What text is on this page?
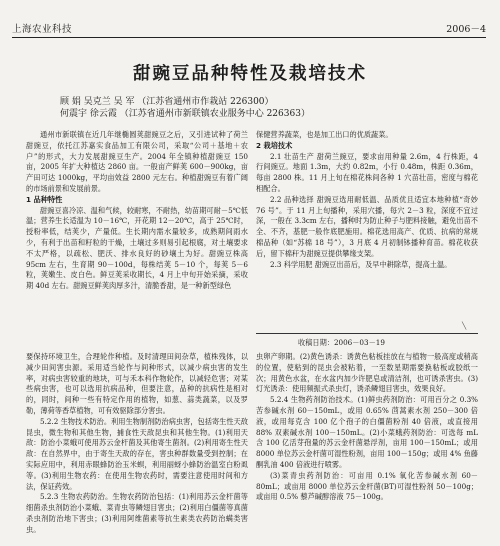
上海农业科技	2006－4
甜豌豆品种特性及栽培技术
顾 娟 吴克兰 吴 军 （江苏省通州市作栽站 226300）
何震宇 徐云霞 （江苏省通州市新联镇农业服务中心 226363）

通州市新联镇在近几年继椭圆荚甜豌豆之后，又引进试种了荷兰甜豌豆，依托江苏嘉实食品加工有限公司，采取“公司＋基地＋农户”的形式，大力发展甜豌豆生产。2004 年全镇种植甜豌豆 150 亩，2005 年扩大种植达 2860 亩。一般亩产鲜荚 600－900kg，亩产田可达 1000kg，平均亩效益 2800 元左右。种植甜豌豆有着广阔的市场前景和发展前景。

1 品种特性

甜豌豆喜冷凉、温和气候，较耐寒，不耐热，幼苗期可耐－5℃低温；营养生长适温为 10－16℃，开花期 12－20℃，高于 25℃时，授粉率低，结荚少，产量低。生长期内需水量较多，成熟期间雨水少，有利于出苗和籽粒的干燥，土壤过多则易引起根腐，对土壤要求不太严格，以疏松、肥沃、排水良好的砂壤土为好。甜豌豆株高 95cm 左右，生育期 90－100d，每株结荚 5－10 个，每荚 5－6 粒，荚嫩生、皮白色。鲜豆荚采收期长，4 月上中旬开始采摘，采收期 40d 左右。甜豌豆鲜荚肉厚多汁，清脆香甜，是一种新型绿色

保健营养蔬菜，也是加工出口的优质蔬菜。

2 栽培技术

2.1 壮苗生产 甜荷兰豌豆，要求亩用种量 2.6m，4 行株距，4 行间豌豆。地面 1.3m，大约 0.82m，小行 0.48m，株距 0.36m，每亩 2800 株。11 月上旬在棉花株间各种 1 穴苗壮苗，密度与棉花相配合。

2.2 品种选择 甜豌豆选用耐低温、品质优且适宜本地种植“奇妙 76 号”。于 11 月上旬播种，采用穴播，每穴 2－3 粒，深度不宜过深，一般在 3.3cm 左右，播种时为防止种子与肥料接触，避免出苗不全、不齐，基肥一般作底肥施用。棉花选用高产、优质、抗病的常规棉品种（如“苏棉 18 号”），3 月底 4 月初制钵播种育苗。棉花收获后，留下棉秆为甜豌豆提供攀缘支架。

2.3 科学用肥 甜豌豆出苗后，及早中耕除草，提高土温。

╲
收稿日期：2006－03－19

要保持环境卫生，合理轮作种植。及时清理田间杂草，植株残体，以减少田间害虫源。采用适当轮作与间种形式，以减少病虫害的发生率，对病虫害较重的地块，可与禾本科作物轮作，以减轻危害；对某些病虫害，也可以选用抗病品种，但要注意，品种的抗病性是相对的，同时，间种一些有特定作用的植物，如葱、蒜类蔬菜，以及罗勒，薄荷等香草植物，可有效驱除部分害虫。

5.2.2 生物技术防治。利用生物制剂防治病虫害，包括寄生性天敌昆虫，微生物和其他生物，捕食性天敌昆虫和其他生物。(1)利用天敌：防治小菜蛾可使用苏云金杆菌及其他寄生菌剂。(2)利用寄生性天敌：在自然界中，由于寄生天敌的存在，害虫种群数量受到控制；在实际应用中，利用赤眼蜂防治玉米螟，利用丽蚜小蜂防治温室白粉虱等。(3)利用生物农药：在使用生物农药时，需要注意使用时间和方法，保证药效。

5.2.3 生物农药防治。生物农药防治包括：(1)利用苏云金杆菌等细菌杀虫剂防治小菜蛾、菜青虫等鳞翅目害虫；(2)利用白僵菌等真菌杀虫剂防治地下害虫；(3)利用阿维菌素等抗生素类农药防治螨类害虫。

虫卵产卵期。(2)黄色诱杀：诱黄色粘板挂放在与植物一般高度或稍高的位置，使粘到的昆虫会被粘着，一至数星期需要换粘板或胶纸一次；用黄色水盆，在水盆内加少许肥皂或清洁剂，也可诱杀害虫。(3)灯光诱杀：使用频振式杀虫灯，诱杀鳞翅目害虫，效果良好。

5.2.4 生物药剂防治技术。(1)鲜虫药剂防治：可用百分之 0.3% 苦参碱水剂 60－150mL，或用 0.65% 茴蒿素水剂 250－300 倍液，或用每克含 100 亿个孢子的白僵菌粉剂 40 倍液，或直接用 88% 双素碱水剂 100－150mL。(2)小菜蛾药剂防治：可选每 mL 含 100 亿活芽孢量的苏云金杆菌悬浮剂，亩用 100－150mL；或用 8000 单位苏云金杆菌可湿性粉剂，亩用 100－150g；或用 4% 鱼藤酮乳油 400 倍液进行喷雾。

(3)菜青虫药剂防治：可亩用 0.1% 氧化苦参碱水剂 60－80mL；或亩用 8000 单位苏云金杆菌(BT)可湿性粉剂 50－100g；或亩用 0.5% 藜芦碱醇溶液 75－100g。
